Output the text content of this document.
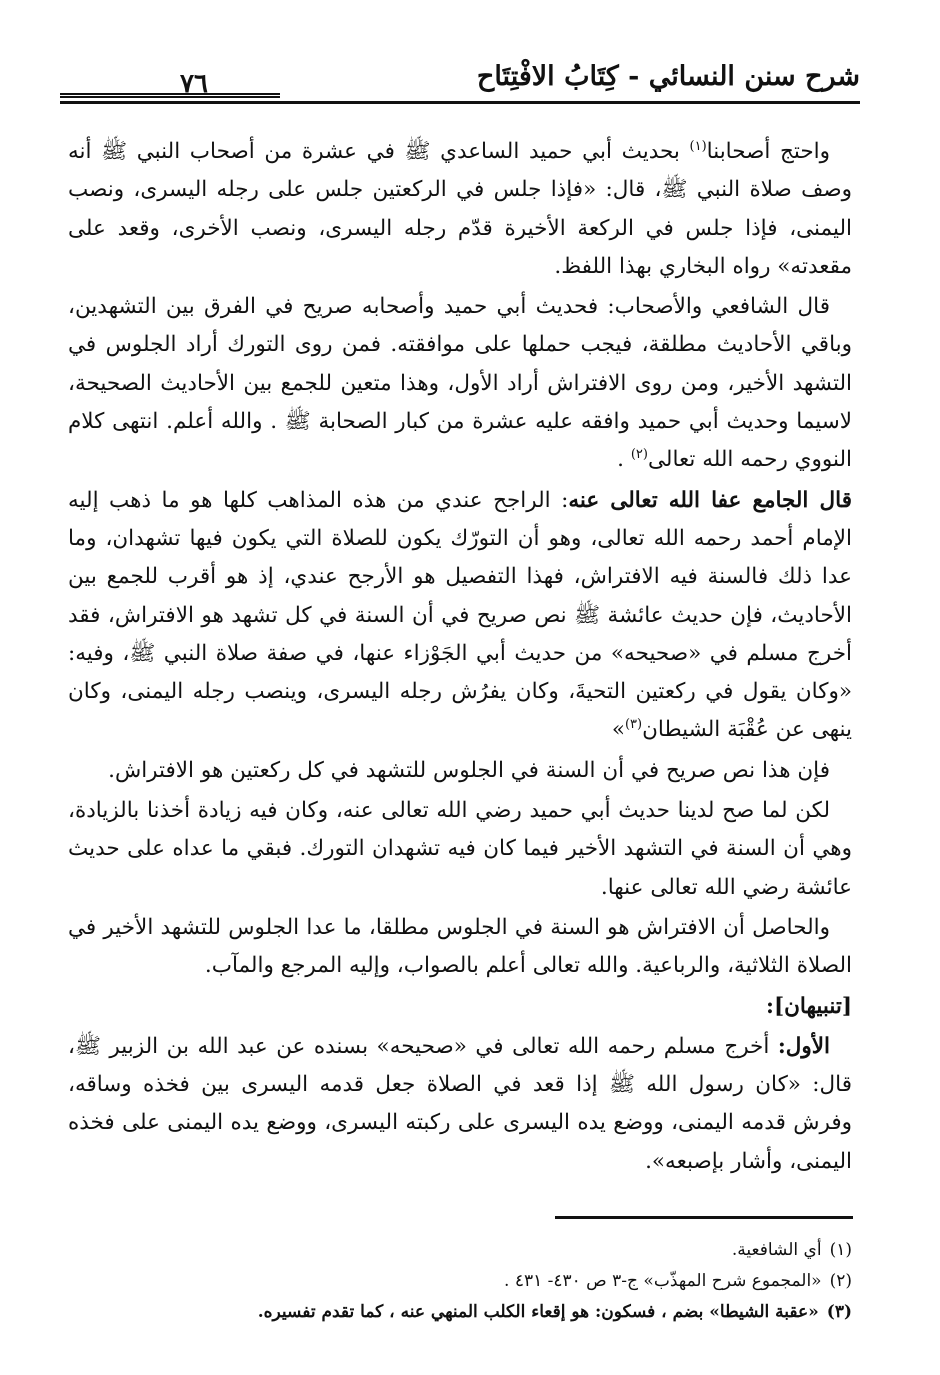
شرح سنن النسائي - كِتَابُ الافْتِتَاح
٧٦

واحتج أصحابنا$^{(١)}$ بحديث أبي حميد الساعدي ﷺ في عشرة من أصحاب النبي ﷺ أنه وصف صلاة النبي ﷺ، قال: «فإذا جلس في الركعتين جلس على رجله اليسرى، ونصب اليمنى، فإذا جلس في الركعة الأخيرة قدّم رجله اليسرى، ونصب الأخرى، وقعد على مقعدته» رواه البخاري بهذا اللفظ.

قال الشافعي والأصحاب: فحديث أبي حميد وأصحابه صريح في الفرق بين التشهدين، وباقي الأحاديث مطلقة، فيجب حملها على موافقته. فمن روى التورك أراد الجلوس في التشهد الأخير، ومن روى الافتراش أراد الأول، وهذا متعين للجمع بين الأحاديث الصحيحة، لاسيما وحديث أبي حميد وافقه عليه عشرة من كبار الصحابة ﷺ . والله أعلم. انتهى كلام النووي رحمه الله تعالى$^{(٢)}$ .

قال الجامع عفا الله تعالى عنه: الراجح عندي من هذه المذاهب كلها هو ما ذهب إليه الإمام أحمد رحمه الله تعالى، وهو أن التورّك يكون للصلاة التي يكون فيها تشهدان، وما عدا ذلك فالسنة فيه الافتراش، فهذا التفصيل هو الأرجح عندي، إذ هو أقرب للجمع بين الأحاديث، فإن حديث عائشة ﷺ نص صريح في أن السنة في كل تشهد هو الافتراش، فقد أخرج مسلم في «صحيحه» من حديث أبي الجَوْزاء عنها، في صفة صلاة النبي ﷺ، وفيه: «وكان يقول في ركعتين التحيةَ، وكان يفرُش رجله اليسرى، وينصب رجله اليمنى، وكان ينهى عن عُقْبَة الشيطان$^{(٣)}$»

فإن هذا نص صريح في أن السنة في الجلوس للتشهد في كل ركعتين هو الافتراش.

لكن لما صح لدينا حديث أبي حميد رضي الله تعالى عنه، وكان فيه زيادة أخذنا بالزيادة، وهي أن السنة في التشهد الأخير فيما كان فيه تشهدان التورك. فبقي ما عداه على حديث عائشة رضي الله تعالى عنها.

والحاصل أن الافتراش هو السنة في الجلوس مطلقا، ما عدا الجلوس للتشهد الأخير في الصلاة الثلاثية، والرباعية. والله تعالى أعلم بالصواب، وإليه المرجع والمآب.

[تنبيهان]:

الأول: أخرج مسلم رحمه الله تعالى في «صحيحه» بسنده عن عبد الله بن الزبير ﷺ، قال: «كان رسول الله ﷺ إذا قعد في الصلاة جعل قدمه اليسرى بين فخذه وساقه، وفرش قدمه اليمنى، ووضع يده اليسرى على ركبته اليسرى، ووضع يده اليمنى على فخذه اليمنى، وأشار بإصبعه».

(١)أي الشافعية.

(٢)«المجموع شرح المهذّب» ج-٣ ص ٤٣٠- ٤٣١ .

(٣)«عقبة الشيطا» بضم ، فسكون: هو إقعاء الكلب المنهي عنه ، كما تقدم تفسيره.
